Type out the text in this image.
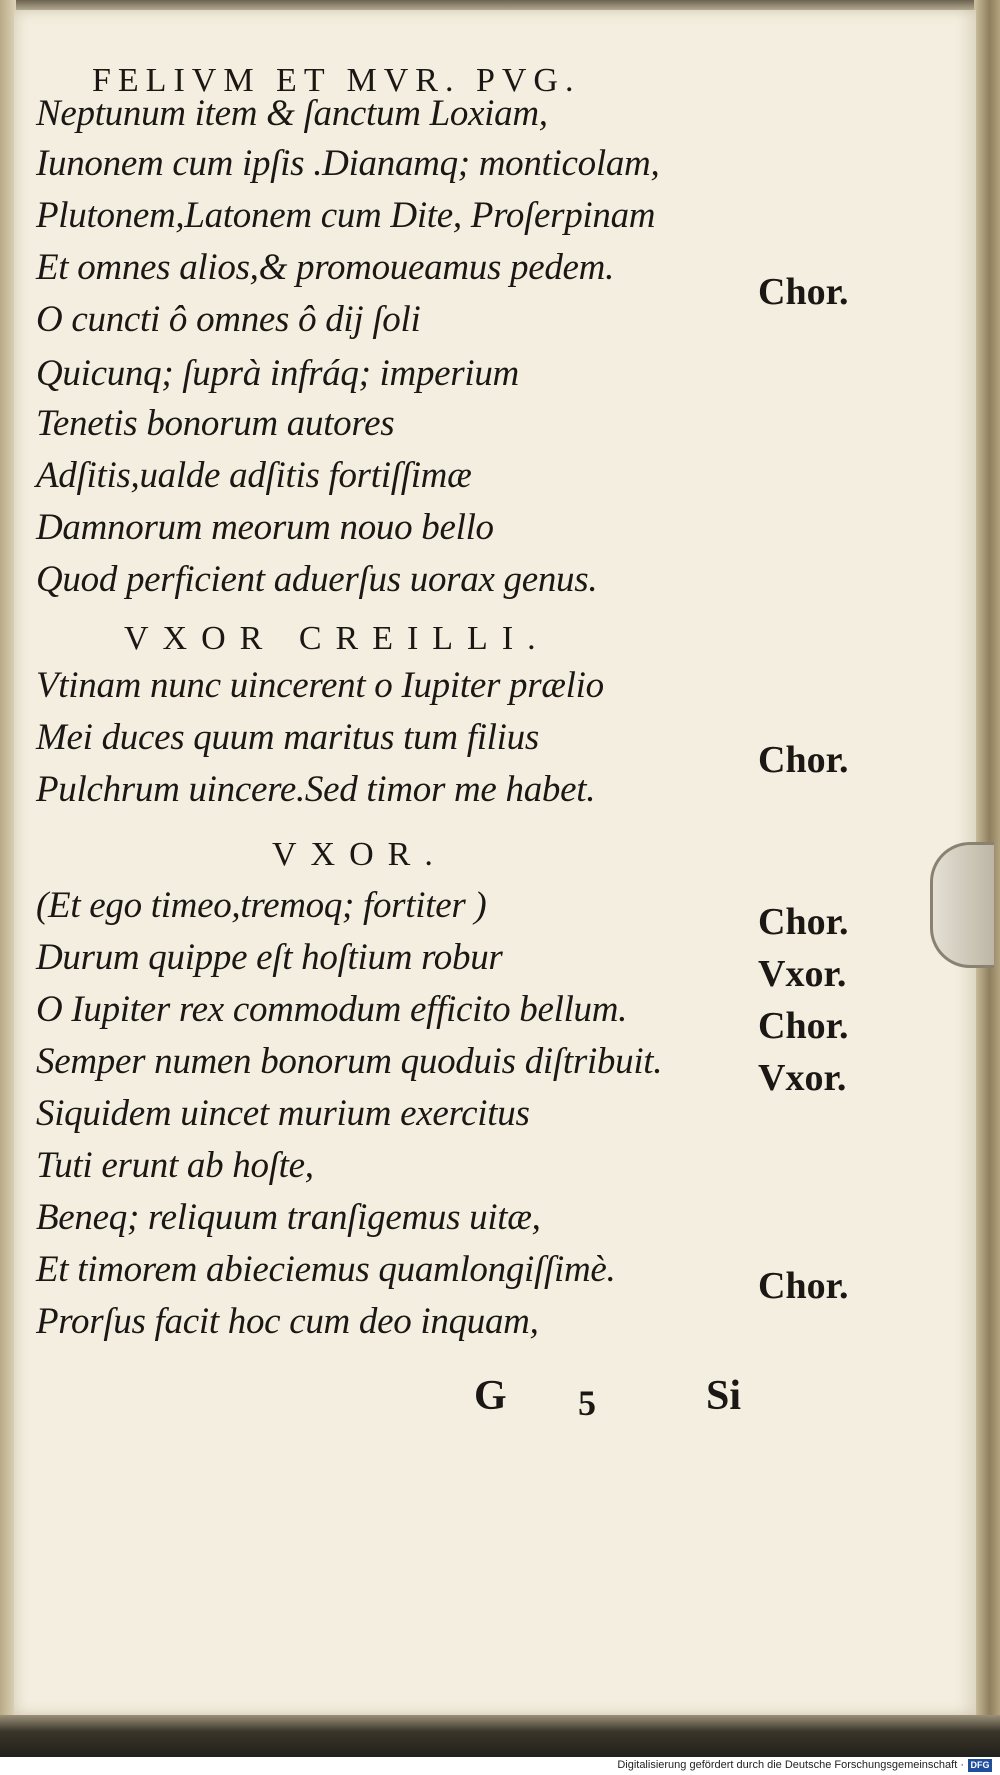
FELIVM ET MVR. PVG.
Neptunum item & ſanctum Loxiam,
Iunonem cum ipſis .Dianamq; monticolam,
Plutonem,Latonem cum Dite, Proſerpinam
Et omnes alios,& promoueamus pedem.
O cuncti ô omnes ô dij ſoli
Quicunq; ſuprà infráq; imperium
Tenetis bonorum autores
Adſitis,ualde adſitis fortiſſimæ
Damnorum meorum nouo bello
Quod perficient aduerſus uorax genus.
VXOR CREILLI.
Vtinam nunc uincerent o Iupiter prælio
Mei duces quum maritus tum filius
Pulchrum uincere.Sed timor me habet.
VXOR.
(Et ego timeo,tremoq; fortiter )
Durum quippe eſt hoſtium robur
O Iupiter rex commodum efficito bellum.
Semper numen bonorum quoduis diſtribuit.
Siquidem uincet murium exercitus
Tuti erunt ab hoſte,
Beneq; reliquum tranſigemus uitæ,
Et timorem abieciemus quamlongiſſimè.
Prorſus facit hoc cum deo inquam,
Chor.
Chor.
Chor.
Vxor.
Chor.
Vxor.
Chor.
G 5	Si
Digitalisierung gefördert durch die Deutsche Forschungsgemeinschaft · DFG
